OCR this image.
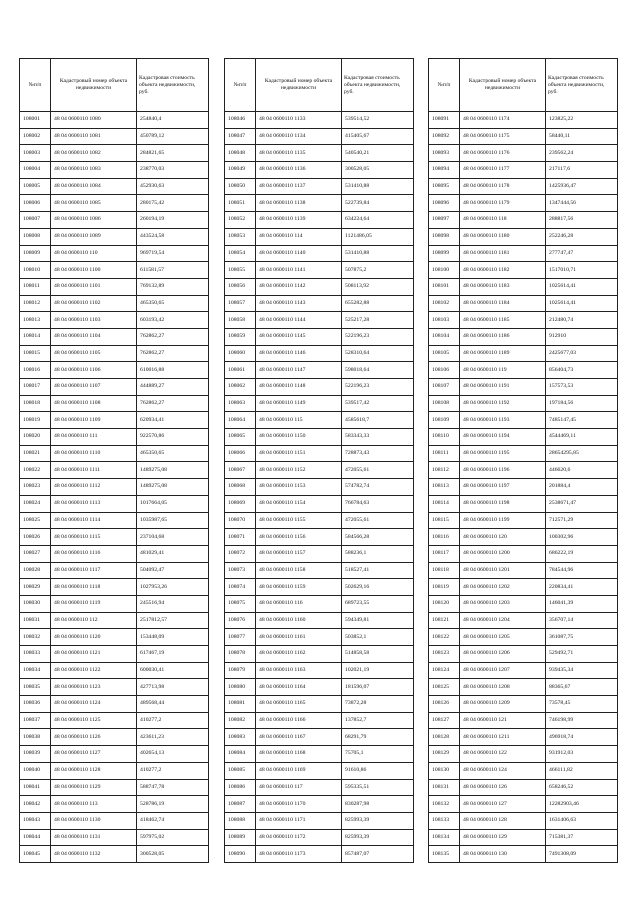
№п/п	Кадастровый номер объекта недвижимости	Кадастровая стоимость объекта недвижимости, руб.
108001	48 04 0600110 1080	254840,4
108002	48 04 0600110 1081	450789,12
108003	48 04 0600110 1082	284821,65
108004	48 04 0600110 1083	238770,03
108005	48 04 0600110 1084	452930,63
108006	48 04 0600110 1085	280175,42
108007	48 04 0600110 1086	260194,19
108008	48 04 0600110 1089	443524,58
108009	48 04 0600110 110	969719,54
108010	48 04 0600110 1100	611581,57
108011	48 04 0600110 1101	769132,89
108012	48 04 0600110 1102	465350,65
108013	48 04 0600110 1103	603193,42
108014	48 04 0600110 1104	762862,27
108015	48 04 0600110 1105	762862,27
108016	48 04 0600110 1106	610016,88
108017	48 04 0600110 1107	444889,27
108018	48 04 0600110 1108	762862,27
108019	48 04 0600110 1109	620934,41
108020	48 04 0600110 111	922570,86
108021	48 04 0600110 1110	465350,65
108022	48 04 0600110 1111	1489275,08
108023	48 04 0600110 1112	1489275,08
108024	48 04 0600110 1113	1017664,05
108025	48 04 0600110 1114	1035987,65
108026	48 04 0600110 1115	237104,68
108027	48 04 0600110 1116	481029,41
108028	48 04 0600110 1117	504092,47
108029	48 04 0600110 1118	1027953,26
108030	48 04 0600110 1119	245516,94
108031	48 04 0600110 112	2517812,57
108032	48 04 0600110 1120	153448,09
108033	48 04 0600110 1121	617467,19
108034	48 04 0600110 1122	600030,41
108035	48 04 0600110 1123	427713,98
108036	48 04 0600110 1124	489568,44
108037	48 04 0600110 1125	410277,2
108038	48 04 0600110 1126	423611,23
108039	48 04 0600110 1127	402654,13
108040	48 04 0600110 1128	410277,2
108041	48 04 0600110 1129	588747,78
108042	48 04 0600110 113	528786,19
108043	48 04 0600110 1130	418462,74
108044	48 04 0600110 1131	597975,02
108045	48 04 0600110 1132	300528,05
№п/п	Кадастровый номер объекта недвижимости	Кадастровая стоимость объекта недвижимости, руб.
108046	48 04 0600110 1133	539514,52
108047	48 04 0600110 1134	415405,67
108048	48 04 0600110 1135	540540,21
108049	48 04 0600110 1136	300528,05
108050	48 04 0600110 1137	531410,88
108051	48 04 0600110 1138	522739,84
108052	48 04 0600110 1139	634224,64
108053	48 04 0600110 114	1121486,05
108054	48 04 0600110 1140	531410,88
108055	48 04 0600110 1141	507875,2
108056	48 04 0600110 1142	508113,92
108057	48 04 0600110 1143	655282,88
108058	48 04 0600110 1144	525217,28
108059	48 04 0600110 1145	522196,23
108060	48 04 0600110 1146	528310,64
108061	48 04 0600110 1147	598018,64
108062	48 04 0600110 1148	522196,23
108063	48 04 0600110 1149	539517,42
108064	48 04 0600110 115	4585618,7
108065	48 04 0600110 1150	583343,33
108066	48 04 0600110 1151	728873,43
108067	48 04 0600110 1152	472055,61
108068	48 04 0600110 1153	574782,74
108069	48 04 0600110 1154	766784,63
108070	48 04 0600110 1155	472055,61
108071	48 04 0600110 1156	584566,28
108072	48 04 0600110 1157	588236,1
108073	48 04 0600110 1158	518527,41
108074	48 04 0600110 1159	502629,16
108075	48 04 0600110 116	689723,55
108076	48 04 0600110 1160	594349,81
108077	48 04 0600110 1161	503852,1
108078	48 04 0600110 1162	514858,58
108079	48 04 0600110 1163	102021,19
108080	48 04 0600110 1164	181596,07
108081	48 04 0600110 1165	73872,28
108082	48 04 0600110 1166	137852,7
108083	48 04 0600110 1167	68291,79
108084	48 04 0600110 1168	75705,1
108085	48 04 0600110 1169	91610,86
108086	48 04 0600110 117	595335,51
108087	48 04 0600110 1170	830287,98
108088	48 04 0600110 1171	825993,39
108089	48 04 0600110 1172	825993,39
108090	48 04 0600110 1173	857487,07
№п/п	Кадастровый номер объекта недвижимости	Кадастровая стоимость объекта недвижимости, руб.
108091	48 04 0600110 1174	123825,22
108092	48 04 0600110 1175	58440,11
108093	48 04 0600110 1176	239562,24
108094	48 04 0600110 1177	217117,6
108095	48 04 0600110 1178	1425936,47
108096	48 04 0600110 1179	1347444,56
108097	48 04 0600110 118	288817,56
108098	48 04 0600110 1180	252246,28
108099	48 04 0600110 1181	277747,47
108100	48 04 0600110 1182	1517010,71
108101	48 04 0600110 1183	1025614,41
108102	48 04 0600110 1184	1025614,41
108103	48 04 0600110 1185	212480,74
108104	48 04 0600110 1186	912910
108105	48 04 0600110 1189	2425677,03
108106	48 04 0600110 119	856404,73
108107	48 04 0600110 1191	157573,53
108108	48 04 0600110 1192	197184,56
108109	48 04 0600110 1193	7485147,45
108110	48 04 0600110 1194	4544469,11
108111	48 04 0600110 1195	28654295,85
108112	48 04 0600110 1196	446620,6
108113	48 04 0600110 1197	201884,4
108114	48 04 0600110 1198	2538671,47
108115	48 04 0600110 1199	712571,29
108116	48 04 0600110 120	100302,96
108117	48 04 0600110 1200	686222,19
108118	48 04 0600110 1201	784544,96
108119	48 04 0600110 1202	220834,41
108120	48 04 0600110 1203	146041,39
108121	48 04 0600110 1204	356707,14
108122	48 04 0600110 1205	361087,75
108123	48 04 0600110 1206	529492,71
108124	48 04 0600110 1207	939435,34
108125	48 04 0600110 1208	88365,67
108126	48 04 0600110 1209	73578,45
108127	48 04 0600110 121	746198,99
108128	48 04 0600110 1211	496918,74
108129	48 04 0600110 122	931912,03
108130	48 04 0600110 124	466111,82
108131	48 04 0600110 126	658246,52
108132	48 04 0600110 127	12282903,46
108133	48 04 0600110 128	1631406,63
108134	48 04 0600110 129	715381,37
108135	48 04 0600110 130	7491308,09
